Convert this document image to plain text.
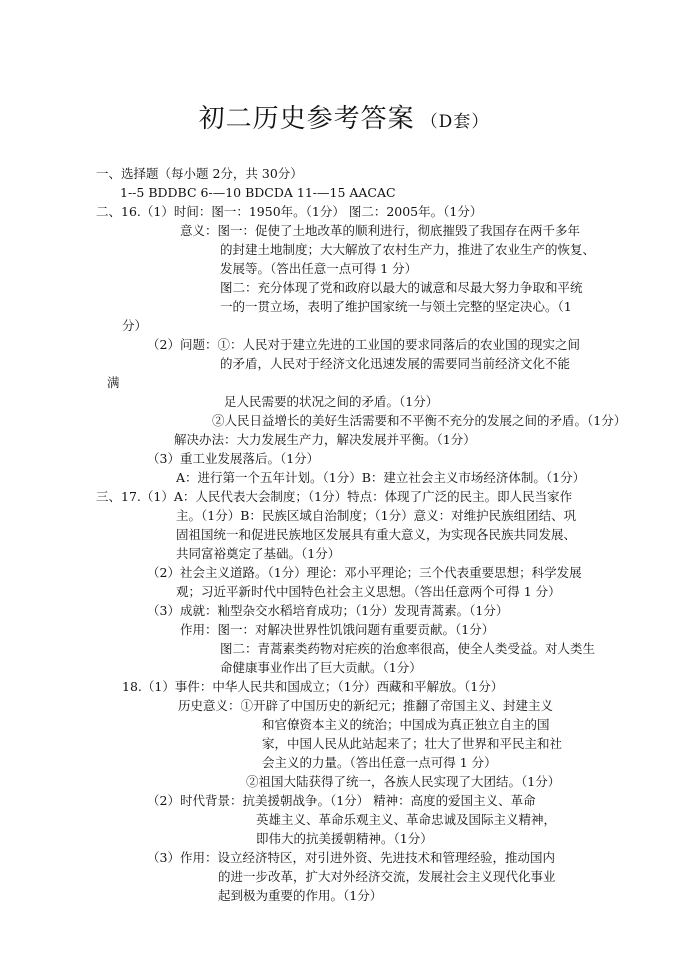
初二历史参考答案 （D套）
一、选择题（每小题 2分，共 30分）
1--5 BDDBC 6-—10 BDCDA 11-—15 AACAC
二、16.（1）时间：图一：1950年。（1分） 图二：2005年。（1分）
意义：图一：促使了土地改革的顺利进行，彻底摧毁了我国存在两千多年
的封建土地制度；大大解放了农村生产力，推进了农业生产的恢复、
发展等。（答出任意一点可得 1 分）
图二：充分体现了党和政府以最大的诚意和尽最大努力争取和平统
一的一贯立场，表明了维护国家统一与领土完整的坚定决心。（1
分）
（2）问题：①：人民对于建立先进的工业国的要求同落后的农业国的现实之间
的矛盾，人民对于经济文化迅速发展的需要同当前经济文化不能
满
足人民需要的状况之间的矛盾。（1分）
②人民日益增长的美好生活需要和不平衡不充分的发展之间的矛盾。（1分）
解决办法：大力发展生产力，解决发展并平衡。（1分）
（3）重工业发展落后。（1分）
A：进行第一个五年计划。（1分）B：建立社会主义市场经济体制。（1分）
三、17.（1）A：人民代表大会制度；（1分）特点：体现了广泛的民主。即人民当家作
主。（1分）B：民族区域自治制度；（1分）意义：对维护民族组团结、巩
固祖国统一和促进民族地区发展具有重大意义，为实现各民族共同发展、
共同富裕奠定了基础。（1分）
（2）社会主义道路。（1分）理论：邓小平理论；三个代表重要思想；科学发展
观；习近平新时代中国特色社会主义思想。（答出任意两个可得 1 分）
（3）成就：籼型杂交水稻培育成功；（1分）发现青蒿素。（1分）
作用：图一：对解决世界性饥饿问题有重要贡献。（1分）
图二：青蒿素类药物对疟疾的治愈率很高，使全人类受益。对人类生
命健康事业作出了巨大贡献。（1分）
18.（1）事件：中华人民共和国成立；（1分）西藏和平解放。（1分）
历史意义：①开辟了中国历史的新纪元；推翻了帝国主义、封建主义
和官僚资本主义的统治；中国成为真正独立自主的国
家，中国人民从此站起来了；壮大了世界和平民主和社
会主义的力量。（答出任意一点可得 1 分）
②祖国大陆获得了统一，各族人民实现了大团结。（1分）
（2）时代背景：抗美援朝战争。（1分） 精神：高度的爱国主义、革命
英雄主义、革命乐观主义、革命忠诚及国际主义精神，
即伟大的抗美援朝精神。（1分）
（3）作用：设立经济特区，对引进外资、先进技术和管理经验，推动国内
的进一步改革，扩大对外经济交流，发展社会主义现代化事业
起到极为重要的作用。（1分）
